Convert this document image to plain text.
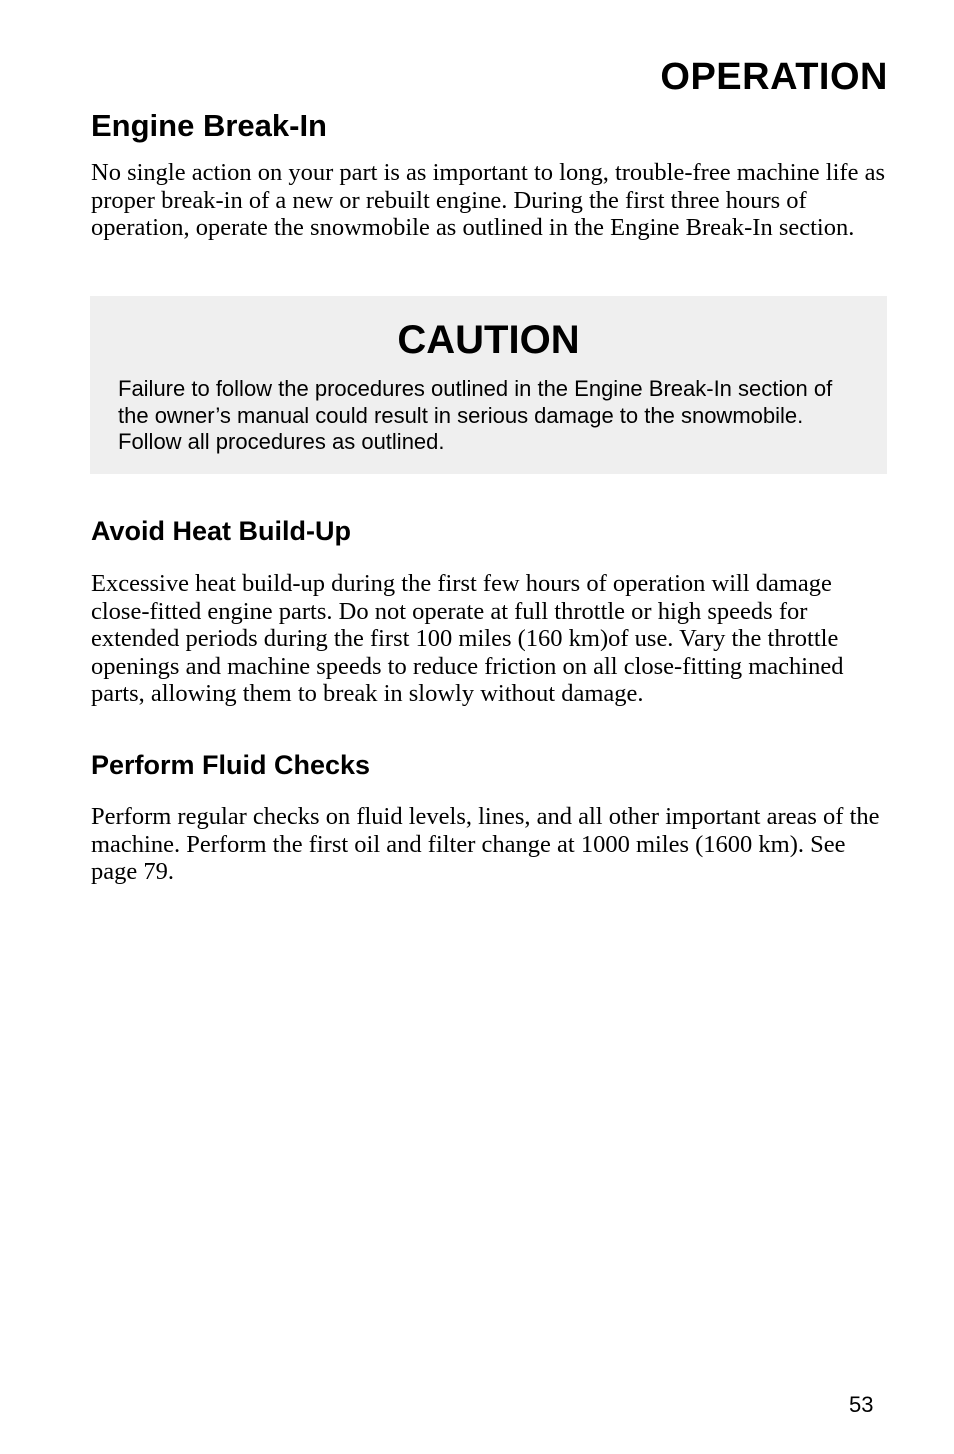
OPERATION
Engine Break-In

No single action on your part is as important to long, trouble-free machine life as proper break-in of a new or rebuilt engine. During the first three hours of operation, operate the snowmobile as outlined in the Engine Break-In section.

CAUTION

Failure to follow the procedures outlined in the Engine Break-In section of the owner’s manual could result in serious damage to the snowmobile. Follow all procedures as outlined.

Avoid Heat Build-Up

Excessive heat build-up during the first few hours of operation will damage close-fitted engine parts. Do not operate at full throttle or high speeds for extended periods during the first 100 miles (160 km)of use. Vary the throttle openings and machine speeds to reduce friction on all close-fitting machined parts, allowing them to break in slowly without damage.

Perform Fluid Checks

Perform regular checks on fluid levels, lines, and all other important areas of the machine. Perform the first oil and filter change at 1000 miles (1600 km). See page 79.

53
